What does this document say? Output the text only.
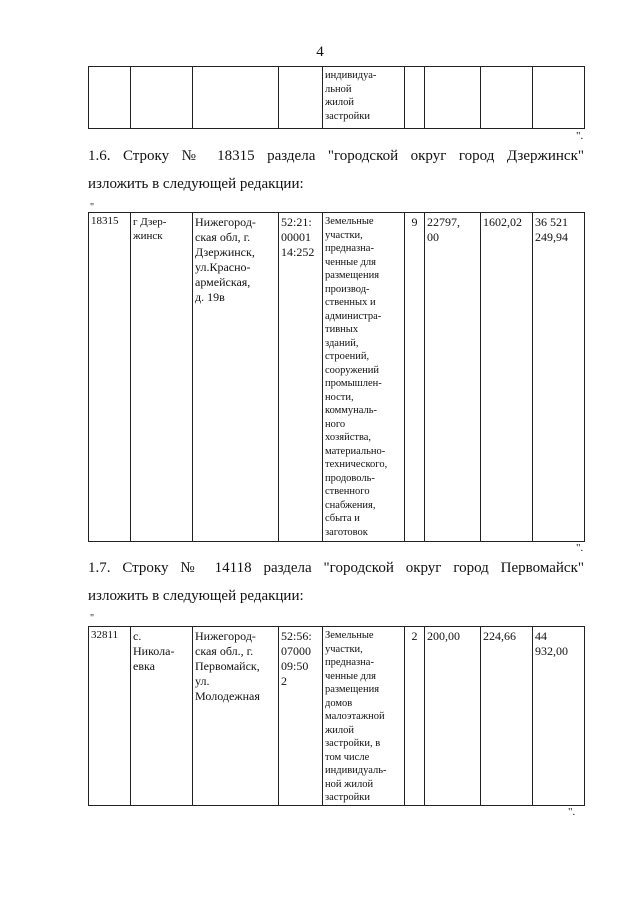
4

индивидуа-
льной
жилой
застройки

".
1.6. Строку № 18315 раздела "городской округ город Дзержинск"
изложить в следующей редакции:
"
18315	г Дзер-
жинск

Нижегород-
ская обл, г.
Дзержинск,
ул.Красно-
армейская,
д. 19в

52:21:
00001
14:252

Земельные
участки,
предназна-
ченные для
размещения
производ-
ственных и
администра-
тивных
зданий,
строений,
сооружений
промышлен-
ности,
коммуналь-
ного
хозяйства,
материально-
технического,
продоволь-
ственного
снабжения,
сбыта и
заготовок
	9	22797,
00
	1602,02	36 521
249,94
".
1.7. Строку № 14118 раздела "городской округ город Первомайск"
изложить в следующей редакции:
"
32811	с.
Никола-
евка

Нижегород-
ская обл., г.
Первомайск,
ул.
Молодежная

52:56:
07000
09:50
2

Земельные
участки,
предназна-
ченные для
размещения
домов
малоэтажной
жилой
застройки, в
том числе
индивидуаль-
ной жилой
застройки
	2	200,00	224,66	44 932,00
".
